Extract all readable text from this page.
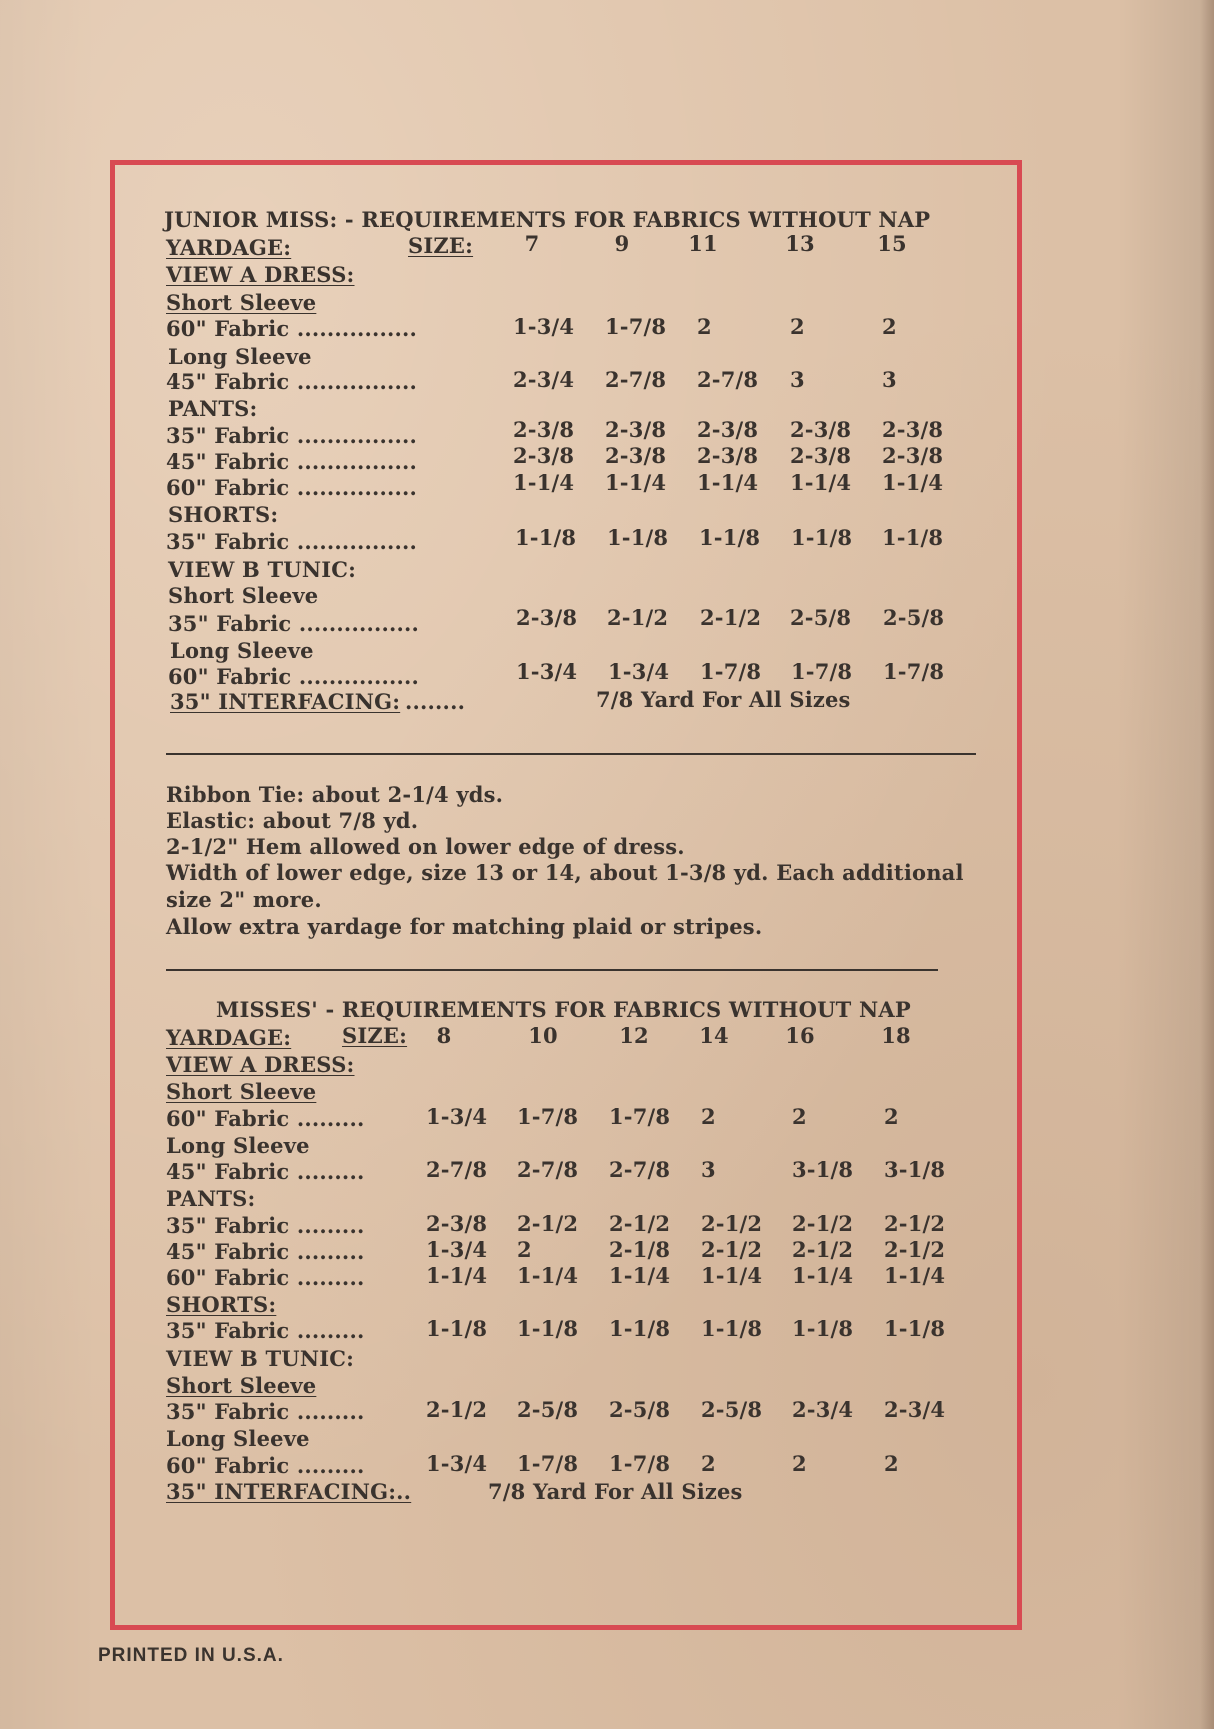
JUNIOR MISS: - REQUIREMENTS FOR FABRICS WITHOUT NAP
YARDAGE:	SIZE:	7	9	11	13	15
VIEW A DRESS:
Short Sleeve
60" Fabric ................	1-3/4 1-7/8 2	2	2
Long Sleeve
45" Fabric ................	2-3/4 2-7/8 2-7/8 3	3
PANTS:
35" Fabric ................	2-3/8 2-3/8 2-3/8 2-3/8 2-3/8
45" Fabric ................	2-3/8 2-3/8 2-3/8 2-3/8 2-3/8
60" Fabric ................	1-1/4 1-1/4 1-1/4 1-1/4 1-1/4
SHORTS:
35" Fabric ................	1-1/8 1-1/8 1-1/8 1-1/8 1-1/8
VIEW B TUNIC:
Short Sleeve
35" Fabric ................	2-3/8 2-1/2 2-1/2 2-5/8 2-5/8
Long Sleeve
60" Fabric ................	1-3/4 1-3/4 1-7/8 1-7/8 1-7/8
35" INTERFACING: ........	7/8 Yard For All Sizes
Ribbon Tie: about 2-1/4 yds.
Elastic: about 7/8 yd.
2-1/2" Hem allowed on lower edge of dress.
Width of lower edge, size 13 or 14, about 1-3/8 yd. Each additional
size 2" more.
Allow extra yardage for matching plaid or stripes.
MISSES' - REQUIREMENTS FOR FABRICS WITHOUT NAP
YARDAGE: SIZE:	8	10	12 14	16	18
VIEW A DRESS:
Short Sleeve
60" Fabric .........	1-3/4 1-7/8 1-7/8 2	2	2
Long Sleeve
45" Fabric .........	2-7/8 2-7/8 2-7/8 3	3-1/8 3-1/8
PANTS:
35" Fabric .........	2-3/8 2-1/2 2-1/2 2-1/2 2-1/2 2-1/2
45" Fabric .........	1-3/4 2	2-1/8 2-1/2 2-1/2 2-1/2
60" Fabric .........	1-1/4 1-1/4 1-1/4 1-1/4 1-1/4 1-1/4
SHORTS:
35" Fabric .........	1-1/8 1-1/8 1-1/8 1-1/8 1-1/8 1-1/8
VIEW B TUNIC:
Short Sleeve
35" Fabric .........	2-1/2 2-5/8 2-5/8 2-5/8 2-3/4 2-3/4
Long Sleeve
60" Fabric .........	1-3/4 1-7/8 1-7/8 2	2	2
35" INTERFACING:..	7/8 Yard For All Sizes
PRINTED IN U.S.A.
